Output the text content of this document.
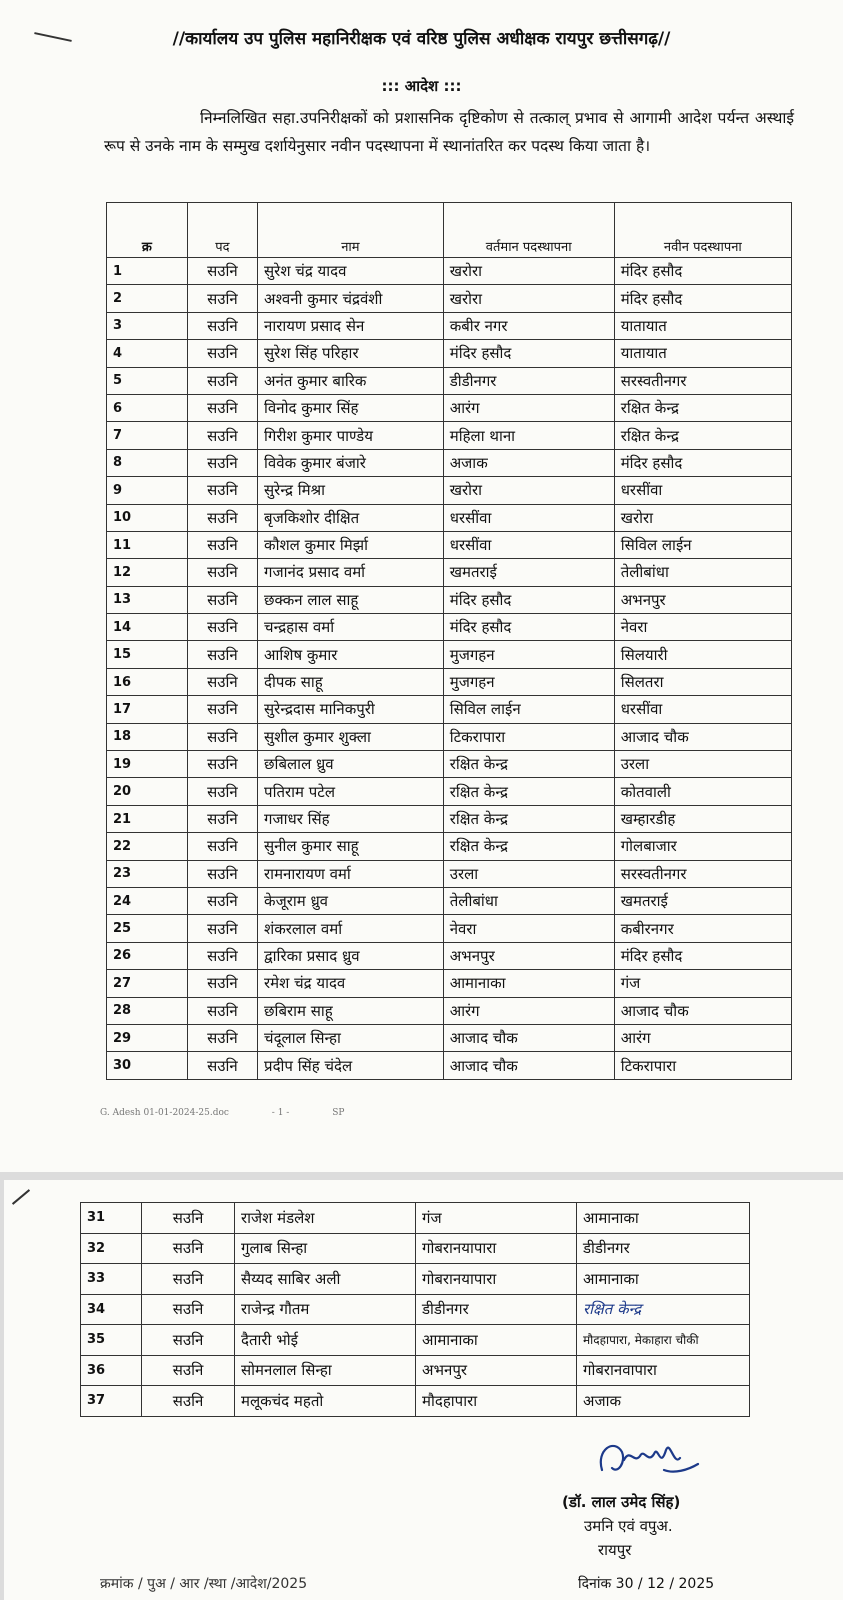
//कार्यालय उप पुलिस महानिरीक्षक एवं वरिष्ठ पुलिस अधीक्षक रायपुर छत्तीसगढ़//
::: आदेश :::
निम्नलिखित सहा.उपनिरीक्षकों को प्रशासनिक दृष्टिकोण से तत्काल् प्रभाव से आगामी आदेश पर्यन्त अस्थाई रूप से उनके नाम के सम्मुख दर्शायेनुसार नवीन पदस्थापना में स्थानांतरित कर पदस्थ किया जाता है।
क्र	पद	नाम	वर्तमान पदस्थापना	नवीन पदस्थापना
1	सउनि	सुरेश चंद्र यादव	खरोरा	मंदिर हसौद
2	सउनि	अश्वनी कुमार चंद्रवंशी	खरोरा	मंदिर हसौद
3	सउनि	नारायण प्रसाद सेन	कबीर नगर	यातायात
4	सउनि	सुरेश सिंह परिहार	मंदिर हसौद	यातायात
5	सउनि	अनंत कुमार बारिक	डीडीनगर	सरस्वतीनगर
6	सउनि	विनोद कुमार सिंह	आरंग	रक्षित केन्द्र
7	सउनि	गिरीश कुमार पाण्डेय	महिला थाना	रक्षित केन्द्र
8	सउनि	विवेक कुमार बंजारे	अजाक	मंदिर हसौद
9	सउनि	सुरेन्द्र मिश्रा	खरोरा	धरसींवा
10	सउनि	बृजकिशोर दीक्षित	धरसींवा	खरोरा
11	सउनि	कौशल कुमार मिर्झा	धरसींवा	सिविल लाईन
12	सउनि	गजानंद प्रसाद वर्मा	खमतराई	तेलीबांधा
13	सउनि	छक्कन लाल साहू	मंदिर हसौद	अभनपुर
14	सउनि	चन्द्रहास वर्मा	मंदिर हसौद	नेवरा
15	सउनि	आशिष कुमार	मुजगहन	सिलयारी
16	सउनि	दीपक साहू	मुजगहन	सिलतरा
17	सउनि	सुरेन्द्रदास मानिकपुरी	सिविल लाईन	धरसींवा
18	सउनि	सुशील कुमार शुक्ला	टिकरापारा	आजाद चौक
19	सउनि	छबिलाल ध्रुव	रक्षित केन्द्र	उरला
20	सउनि	पतिराम पटेल	रक्षित केन्द्र	कोतवाली
21	सउनि	गजाधर सिंह	रक्षित केन्द्र	खम्हारडीह
22	सउनि	सुनील कुमार साहू	रक्षित केन्द्र	गोलबाजार
23	सउनि	रामनारायण वर्मा	उरला	सरस्वतीनगर
24	सउनि	केजूराम ध्रुव	तेलीबांधा	खमतराई
25	सउनि	शंकरलाल वर्मा	नेवरा	कबीरनगर
26	सउनि	द्वारिका प्रसाद ध्रुव	अभनपुर	मंदिर हसौद
27	सउनि	रमेश चंद्र यादव	आमानाका	गंज
28	सउनि	छबिराम साहू	आरंग	आजाद चौक
29	सउनि	चंदूलाल सिन्हा	आजाद चौक	आरंग
30	सउनि	प्रदीप सिंह चंदेल	आजाद चौक	टिकरापारा
G. Adesh 01-01-2024-25.doc	- 1 -	SP
31	सउनि	राजेश मंडलेश	गंज	आमानाका
32	सउनि	गुलाब सिन्हा	गोबरानयापारा	डीडीनगर
33	सउनि	सैय्यद साबिर अली	गोबरानयापारा	आमानाका
34	सउनि	राजेन्द्र गौतम	डीडीनगर	रक्षित केन्द्र
35	सउनि	दैतारी भोई	आमानाका	मौदहापारा, मेकाहारा चौकी
36	सउनि	सोमनलाल सिन्हा	अभनपुर	गोबरानवापारा
37	सउनि	मलूकचंद महतो	मौदहापारा	अजाक
(डॉ. लाल उमेद सिंह)
उमनि एवं वपुअ.
रायपुर
क्रमांक / पुअ / आर /स्था /आदेश/2025	दिनांक 30 / 12 / 2025
